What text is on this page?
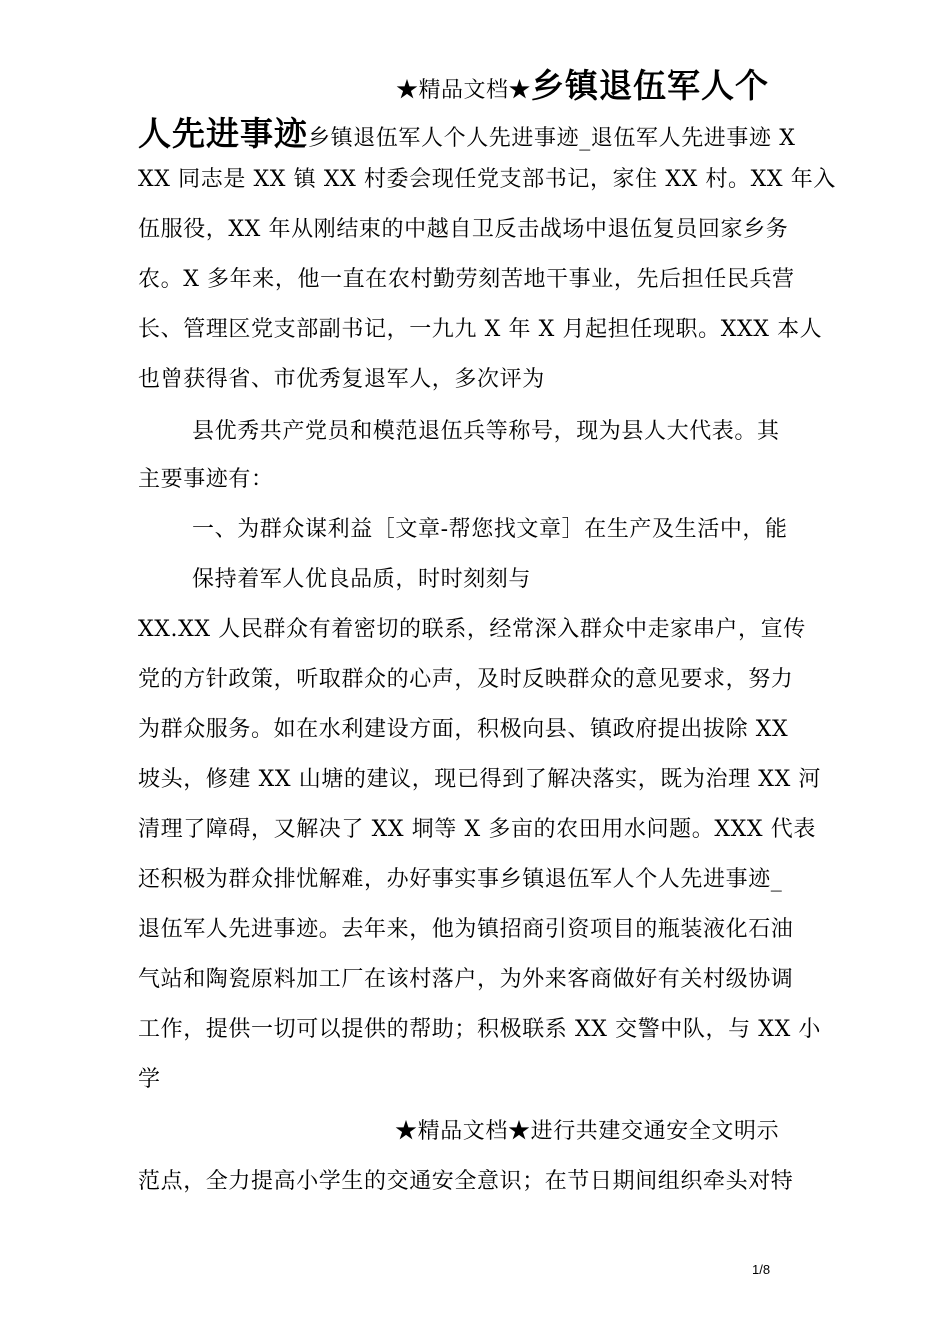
★精品文档★乡镇退伍军人个
人先进事迹乡镇退伍军人个人先进事迹_退伍军人先进事迹 X
XX 同志是 XX 镇 XX 村委会现任党支部书记，家住 XX 村。XX 年入
伍服役，XX 年从刚结束的中越自卫反击战场中退伍复员回家乡务
农。X 多年来，他一直在农村勤劳刻苦地干事业，先后担任民兵营
长、管理区党支部副书记，一九九 X 年 X 月起担任现职。XXX 本人
也曾获得省、市优秀复退军人，多次评为
县优秀共产党员和模范退伍兵等称号，现为县人大代表。其
主要事迹有：
一、为群众谋利益［文章-帮您找文章］在生产及生活中，能
保持着军人优良品质，时时刻刻与
XX.XX 人民群众有着密切的联系，经常深入群众中走家串户，宣传
党的方针政策，听取群众的心声，及时反映群众的意见要求，努力
为群众服务。如在水利建设方面，积极向县、镇政府提出拔除 XX
坡头，修建 XX 山塘的建议，现已得到了解决落实，既为治理 XX 河
清理了障碍，又解决了 XX 垌等 X 多亩的农田用水问题。XXX 代表
还积极为群众排忧解难，办好事实事乡镇退伍军人个人先进事迹_
退伍军人先进事迹。去年来，他为镇招商引资项目的瓶装液化石油
气站和陶瓷原料加工厂在该村落户，为外来客商做好有关村级协调
工作，提供一切可以提供的帮助；积极联系 XX 交警中队，与 XX 小
学
★精品文档★进行共建交通安全文明示
范点，全力提高小学生的交通安全意识；在节日期间组织牵头对特
1/8
